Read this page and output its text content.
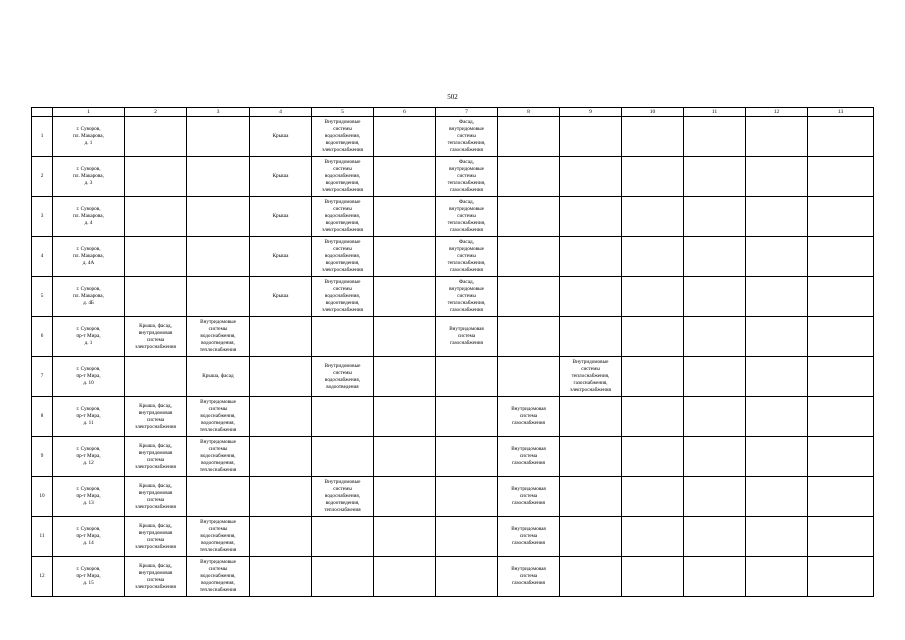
502
	1	2	3	4	5	6	7	8	9	10	11	12	13

1	г. Суворов,
пл. Макарова,
д. 1			Крыша	Внутридомовые
системы
водоснабжения,
водоотведения,
электроснабжения		Фасад,
внутридомовые
системы
теплоснабжения,
газоснабжения						

2	г. Суворов,
пл. Макарова,
д. 3			Крыша	Внутридомовые
системы
водоснабжения,
водоотведения,
электроснабжения		Фасад,
внутридомовые
системы
теплоснабжения,
газоснабжения						

3	г. Суворов,
пл. Макарова,
д. 4			Крыша	Внутридомовые
системы
водоснабжения,
водоотведения,
электроснабжения		Фасад,
внутридомовые
системы
теплоснабжения,
газоснабжения						

4	г. Суворов,
пл. Макарова,
д. 4А			Крыша	Внутридомовые
системы
водоснабжения,
водоотведения,
электроснабжения		Фасад,
внутридомовые
системы
теплоснабжения,
газоснабжения						

5	г. Суворов,
пл. Макарова,
д. 4Б			Крыша	Внутридомовые
системы
водоснабжения,
водоотведения,
электроснабжения		Фасад,
внутридомовые
системы
теплоснабжения,
газоснабжения						

6	г. Суворов,
пр-т Мира,
д. 1	Крыша, фасад,
внутридомовая
система
электроснабжения	Внутридомовые
системы
водоснабжения,
водоотведения,
теплоснабжения				Внутридомовая
система
газоснабжения						

7	г. Суворов,
пр-т Мира,
д. 10		Крыша, фасад		Внутридомовые
системы
водоснабжения,
водоотведения				Внутридомовые
системы
теплоснабжения,
газоснабжения,
электроснабжения				

8	г. Суворов,
пр-т Мира,
д. 11	Крыша, фасад,
внутридомовая
система
электроснабжения	Внутридомовые
системы
водоснабжения,
водоотведения,
теплоснабжения					Внутридомовая
система
газоснабжения					

9	г. Суворов,
пр-т Мира,
д. 12	Крыша, фасад,
внутридомовая
система
электроснабжения	Внутридомовые
системы
водоснабжения,
водоотведения,
теплоснабжения					Внутридомовая
система
газоснабжения					

10	г. Суворов,
пр-т Мира,
д. 13	Крыша, фасад,
внутридомовая
система
электроснабжения			Внутридомовые
системы
водоснабжения,
водоотведения,
теплоснабжения			Внутридомовая
система
газоснабжения					

11	г. Суворов,
пр-т Мира,
д. 14	Крыша, фасад,
внутридомовая
система
электроснабжения	Внутридомовые
системы
водоснабжения,
водоотведения,
теплоснабжения					Внутридомовая
система
газоснабжения					

12	г. Суворов,
пр-т Мира,
д. 15	Крыша, фасад,
внутридомовая
система
электроснабжения	Внутридомовые
системы
водоснабжения,
водоотведения,
теплоснабжения					Внутридомовая
система
газоснабжения					
